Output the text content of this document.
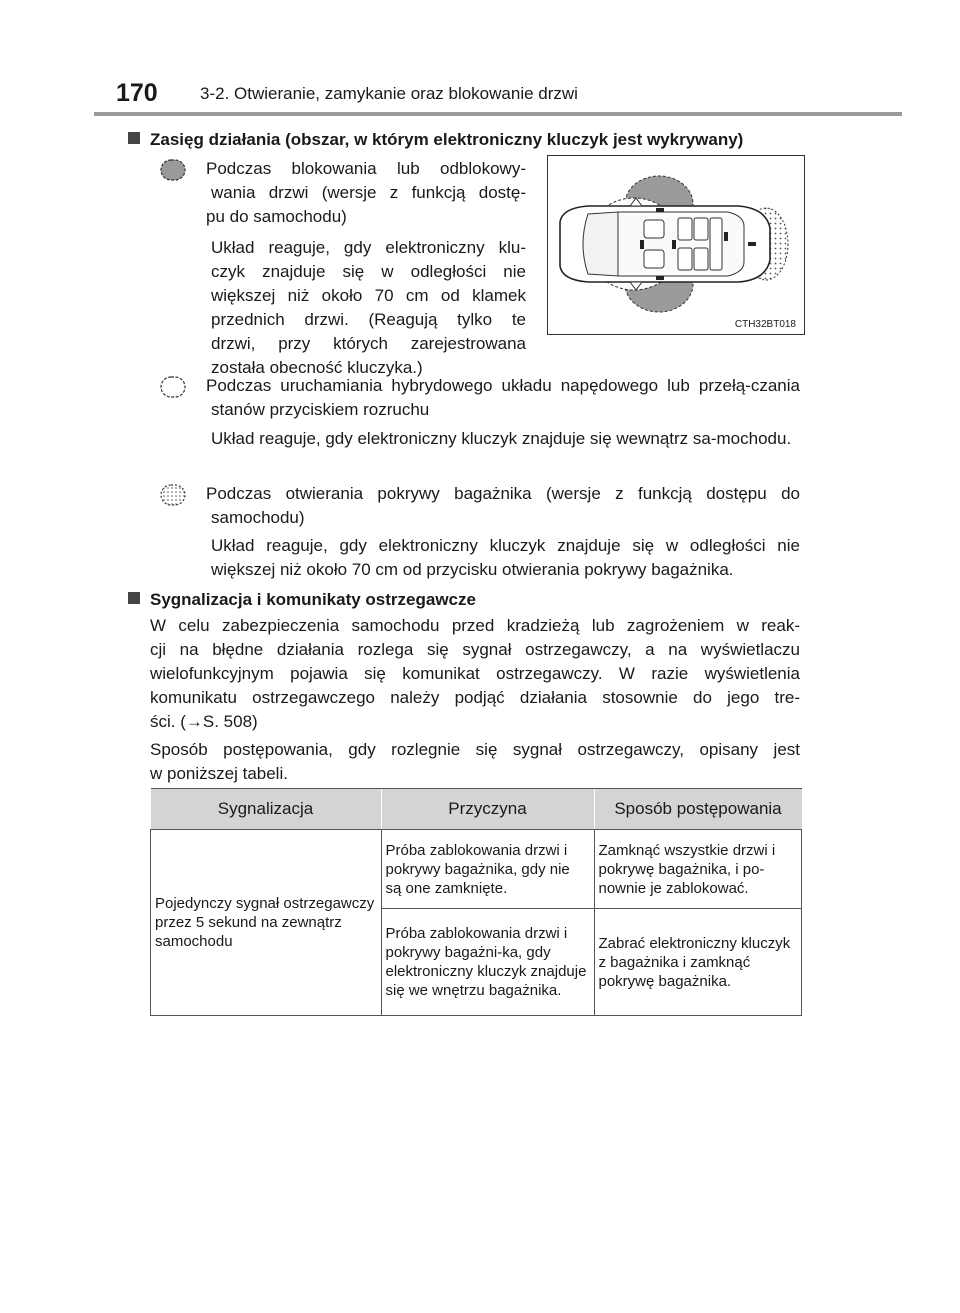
170 3-2. Otwieranie, zamykanie oraz blokowanie drzwi
Zasięg działania (obszar, w którym elektroniczny kluczyk jest wykrywany)
Podczas blokowania lub odblokowy-
wania drzwi (wersje z funkcją dostę-
pu do samochodu)
Układ reaguje, gdy elektroniczny klu-
czyk znajduje się w odległości nie
większej niż około 70 cm od klamek
przednich drzwi. (Reagują tylko te
drzwi, przy których zarejestrowana
została obecność kluczyka.)
CTH32BT018
Podczas uruchamiania hybrydowego układu napędowego lub przełą-czania stanów przyciskiem rozruchu
Układ reaguje, gdy elektroniczny kluczyk znajduje się wewnątrz sa-mochodu.
Podczas otwierania pokrywy bagażnika (wersje z funkcją dostępu do samochodu)
Układ reaguje, gdy elektroniczny kluczyk znajduje się w odległości nie większej niż około 70 cm od przycisku otwierania pokrywy bagażnika.
Sygnalizacja i komunikaty ostrzegawcze
W celu zabezpieczenia samochodu przed kradzieżą lub zagrożeniem w reak-
cji na błędne działania rozlega się sygnał ostrzegawczy, a na wyświetlaczu
wielofunkcyjnym pojawia się komunikat ostrzegawczy. W razie wyświetlenia
komunikatu ostrzegawczego należy podjąć działania stosownie do jego tre-
ści. (→S. 508)
Sposób postępowania, gdy rozlegnie się sygnał ostrzegawczy, opisany jest
w poniższej tabeli.
Sygnalizacja	Przyczyna	Sposób postępowania
Pojedynczy sygnał ostrzegawczy przez 5 sekund na zewnątrz samochodu	Próba zablokowania drzwi i pokrywy bagażnika, gdy nie są one zamknięte.	Zamknąć wszystkie drzwi i pokrywę bagażnika, i po-nownie je zablokować.
	Próba zablokowania drzwi i pokrywy bagażni-ka, gdy elektroniczny kluczyk znajduje się we wnętrzu bagażnika.	Zabrać elektroniczny kluczyk z bagażnika i zamknąć pokrywę bagażnika.
